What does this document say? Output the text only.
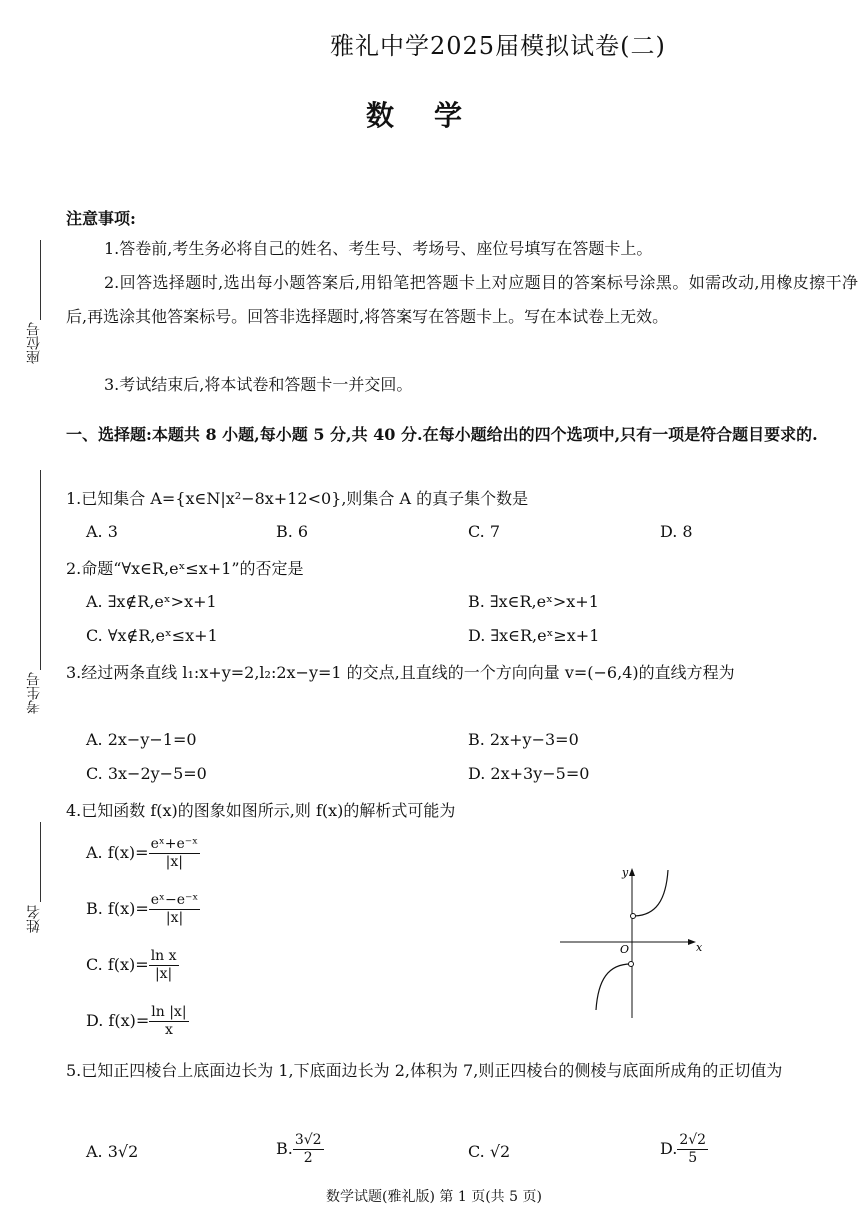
雅礼中学2025届模拟试卷(二)
数学
座位号
考生号
姓名
注意事项:
1.答卷前,考生务必将自己的姓名、考生号、考场号、座位号填写在答题卡上。
2.回答选择题时,选出每小题答案后,用铅笔把答题卡上对应题目的答案标号涂黑。如需改动,用橡皮擦干净后,再选涂其他答案标号。回答非选择题时,将答案写在答题卡上。写在本试卷上无效。
3.考试结束后,将本试卷和答题卡一并交回。
一、选择题:本题共 8 小题,每小题 5 分,共 40 分.在每小题给出的四个选项中,只有一项是符合题目要求的.
1.已知集合 A={x∈N|x²−8x+12<0},则集合 A 的真子集个数是
A. 3	B. 6	C. 7	D. 8
2.命题“∀x∈R,eˣ≤x+1”的否定是
A. ∃x∉R,eˣ>x+1	B. ∃x∈R,eˣ>x+1
C. ∀x∉R,eˣ≤x+1	D. ∃x∈R,eˣ≥x+1
3.经过两条直线 l₁:x+y=2,l₂:2x−y=1 的交点,且直线的一个方向向量 v=(−6,4)的直线方程为
A. 2x−y−1=0	B. 2x+y−3=0
C. 3x−2y−5=0	D. 2x+3y−5=0
4.已知函数 f(x)的图象如图所示,则 f(x)的解析式可能为
A. $f(x)= \frac{\text{eˣ+e⁻ˣ}}{|x|}$
B. $f(x)= \frac{\text{eˣ−e⁻ˣ}}{|x|}$
C. $f(x)= \frac{\text{ln x}}{|x|}$
D. $f(x)= \frac{\ln |x|}{x}$
y
x
O
5.已知正四棱台上底面边长为 1,下底面边长为 2,体积为 7,则正四棱台的侧棱与底面所成角的正切值为
A. 3√2	B. $\frac{3√2}{2}$	C. √2	D. $\frac{2√2}{5}$
数学试题(雅礼版) 第 1 页(共 5 页)
